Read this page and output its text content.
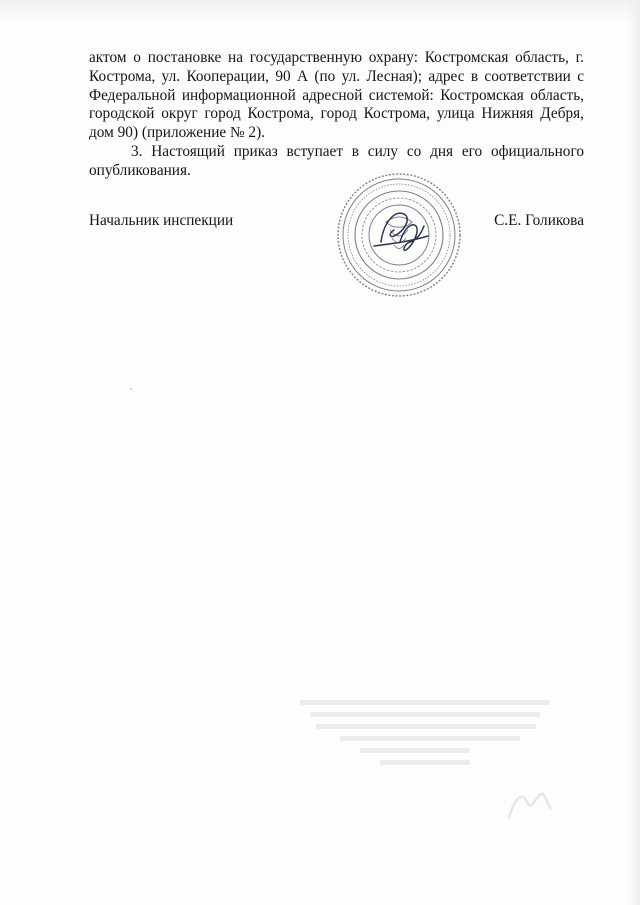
актом о постановке на государственную охрану: Костромская область, г. Кострома, ул. Кооперации, 90 А (по ул. Лесная); адрес в соответствии с Федеральной информационной адресной системой: Костромская область, городской округ город Кострома, город Кострома, улица Нижняя Дебря, дом 90) (приложение № 2).

3. Настоящий приказ вступает в силу со дня его официального опубликования.

Начальник инспекции	С.Е. Голикова
